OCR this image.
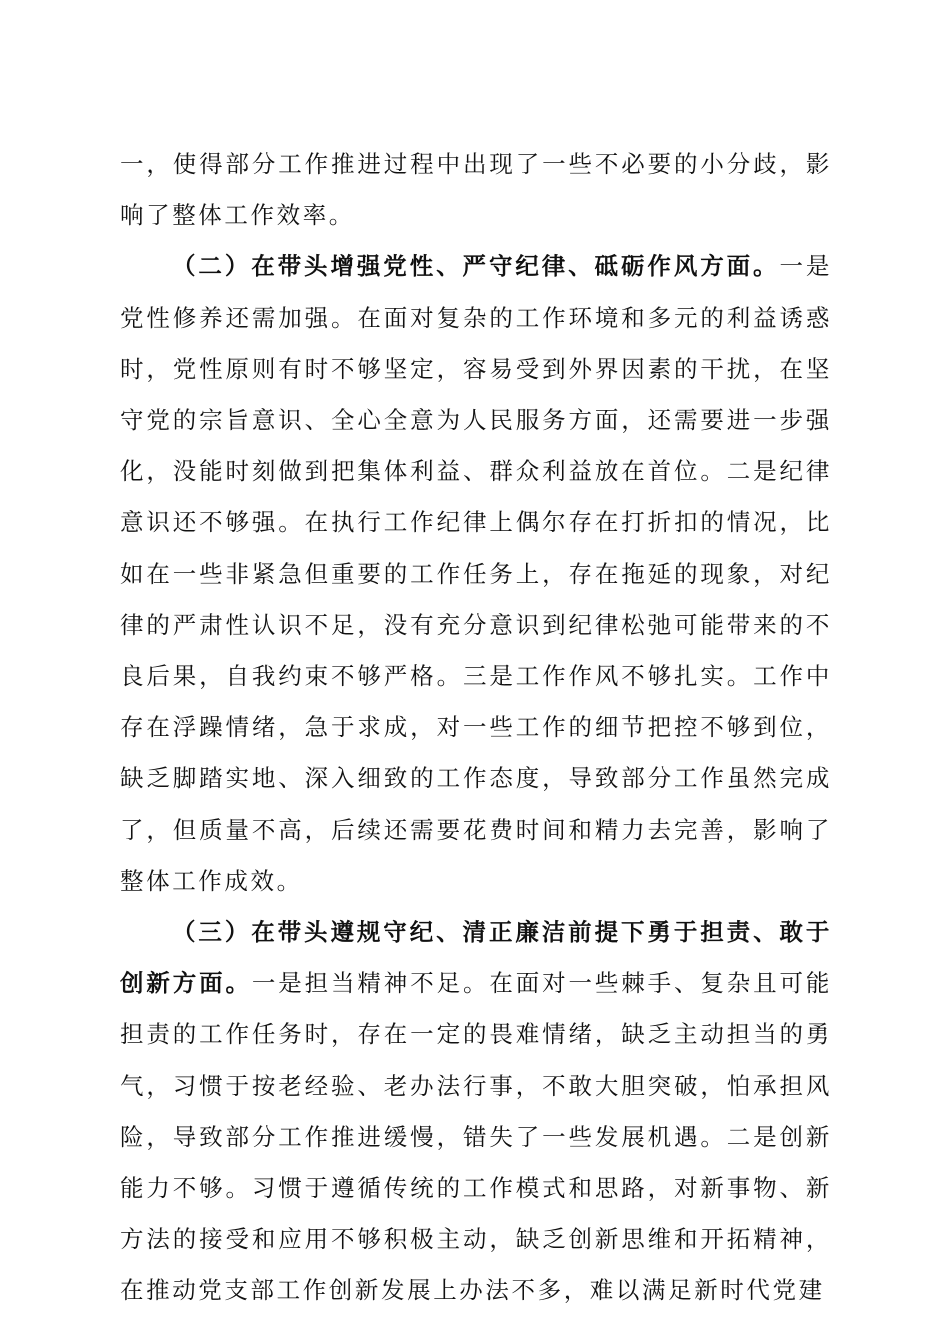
一，使得部分工作推进过程中出现了一些不必要的小分歧，影响了整体工作效率。

（二）在带头增强党性、严守纪律、砥砺作风方面。一是党性修养还需加强。在面对复杂的工作环境和多元的利益诱惑时，党性原则有时不够坚定，容易受到外界因素的干扰，在坚守党的宗旨意识、全心全意为人民服务方面，还需要进一步强化，没能时刻做到把集体利益、群众利益放在首位。二是纪律意识还不够强。在执行工作纪律上偶尔存在打折扣的情况，比如在一些非紧急但重要的工作任务上，存在拖延的现象，对纪律的严肃性认识不足，没有充分意识到纪律松弛可能带来的不良后果，自我约束不够严格。三是工作作风不够扎实。工作中存在浮躁情绪，急于求成，对一些工作的细节把控不够到位，缺乏脚踏实地、深入细致的工作态度，导致部分工作虽然完成了，但质量不高，后续还需要花费时间和精力去完善，影响了整体工作成效。

（三）在带头遵规守纪、清正廉洁前提下勇于担责、敢于创新方面。一是担当精神不足。在面对一些棘手、复杂且可能担责的工作任务时，存在一定的畏难情绪，缺乏主动担当的勇气，习惯于按老经验、老办法行事，不敢大胆突破，怕承担风险，导致部分工作推进缓慢，错失了一些发展机遇。二是创新能力不够。习惯于遵循传统的工作模式和思路，对新事物、新方法的接受和应用不够积极主动，缺乏创新思维和开拓精神，在推动党支部工作创新发展上办法不多，难以满足新时代党建
